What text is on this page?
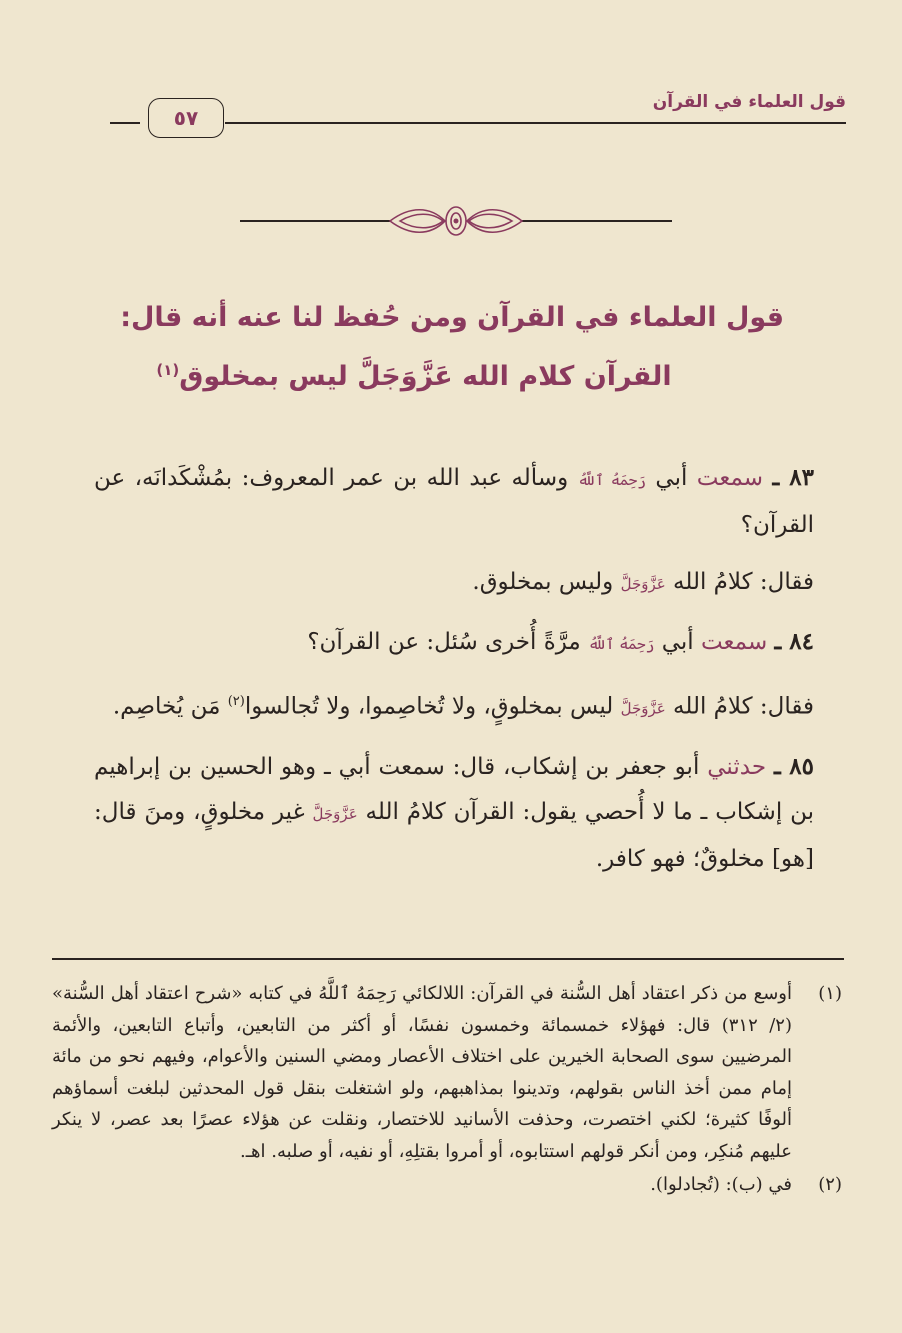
قول العلماء في القرآن
٥٧
قول العلماء في القرآن ومن حُفظ لنا عنه أنه قال:
القرآن كلام الله عَزَّوَجَلَّ ليس بمخلوق$^{(١)}$

٨٣ ـ سمعت أبي رَحِمَهُ ٱللَّهُ وسأله عبد الله بن عمر المعروف: بمُشْكَدانَه، عن القرآن؟

فقال: كلامُ الله عَزَّوَجَلَّ وليس بمخلوق.

٨٤ ـ سمعت أبي رَحِمَهُ ٱللَّهُ مرَّةً أُخرى سُئل: عن القرآن؟

فقال: كلامُ الله عَزَّوَجَلَّ ليس بمخلوقٍ، ولا تُخاصِموا، ولا تُجالسوا$^{(٢)}$ مَن يُخاصِم.

٨٥ ـ حدثني أبو جعفر بن إشكاب، قال: سمعت أبي ـ وهو الحسين بن إبراهيم بن إشكاب ـ ما لا أُحصي يقول: القرآن كلامُ الله عَزَّوَجَلَّ غير مخلوقٍ، ومنَ قال: [هو] مخلوقٌ؛ فهو كافر.

(١)
أوسع من ذكر اعتقاد أهل السُّنة في القرآن: اللالكائي رَحِمَهُ ٱللَّهُ في كتابه «شرح اعتقاد أهل السُّنة» (٢/ ٣١٢) قال: فهؤلاء خمسمائة وخمسون نفسًا، أو أكثر من التابعين، وأتباع التابعين، والأئمة المرضيين سوى الصحابة الخيرين على اختلاف الأعصار ومضي السنين والأعوام، وفيهم نحو من مائة إمام ممن أخذ الناس بقولهم، وتدينوا بمذاهبهم، ولو اشتغلت بنقل قول المحدثين لبلغت أسماؤهم ألوفًا كثيرة؛ لكني اختصرت، وحذفت الأسانيد للاختصار، ونقلت عن هؤلاء عصرًا بعد عصر، لا ينكر عليهم مُنكِر، ومن أنكر قولهم استتابوه، أو أمروا بقتلِهِ، أو نفيه، أو صلبه. اهـ.
(٢)
في (ب): (تُجادلوا).
